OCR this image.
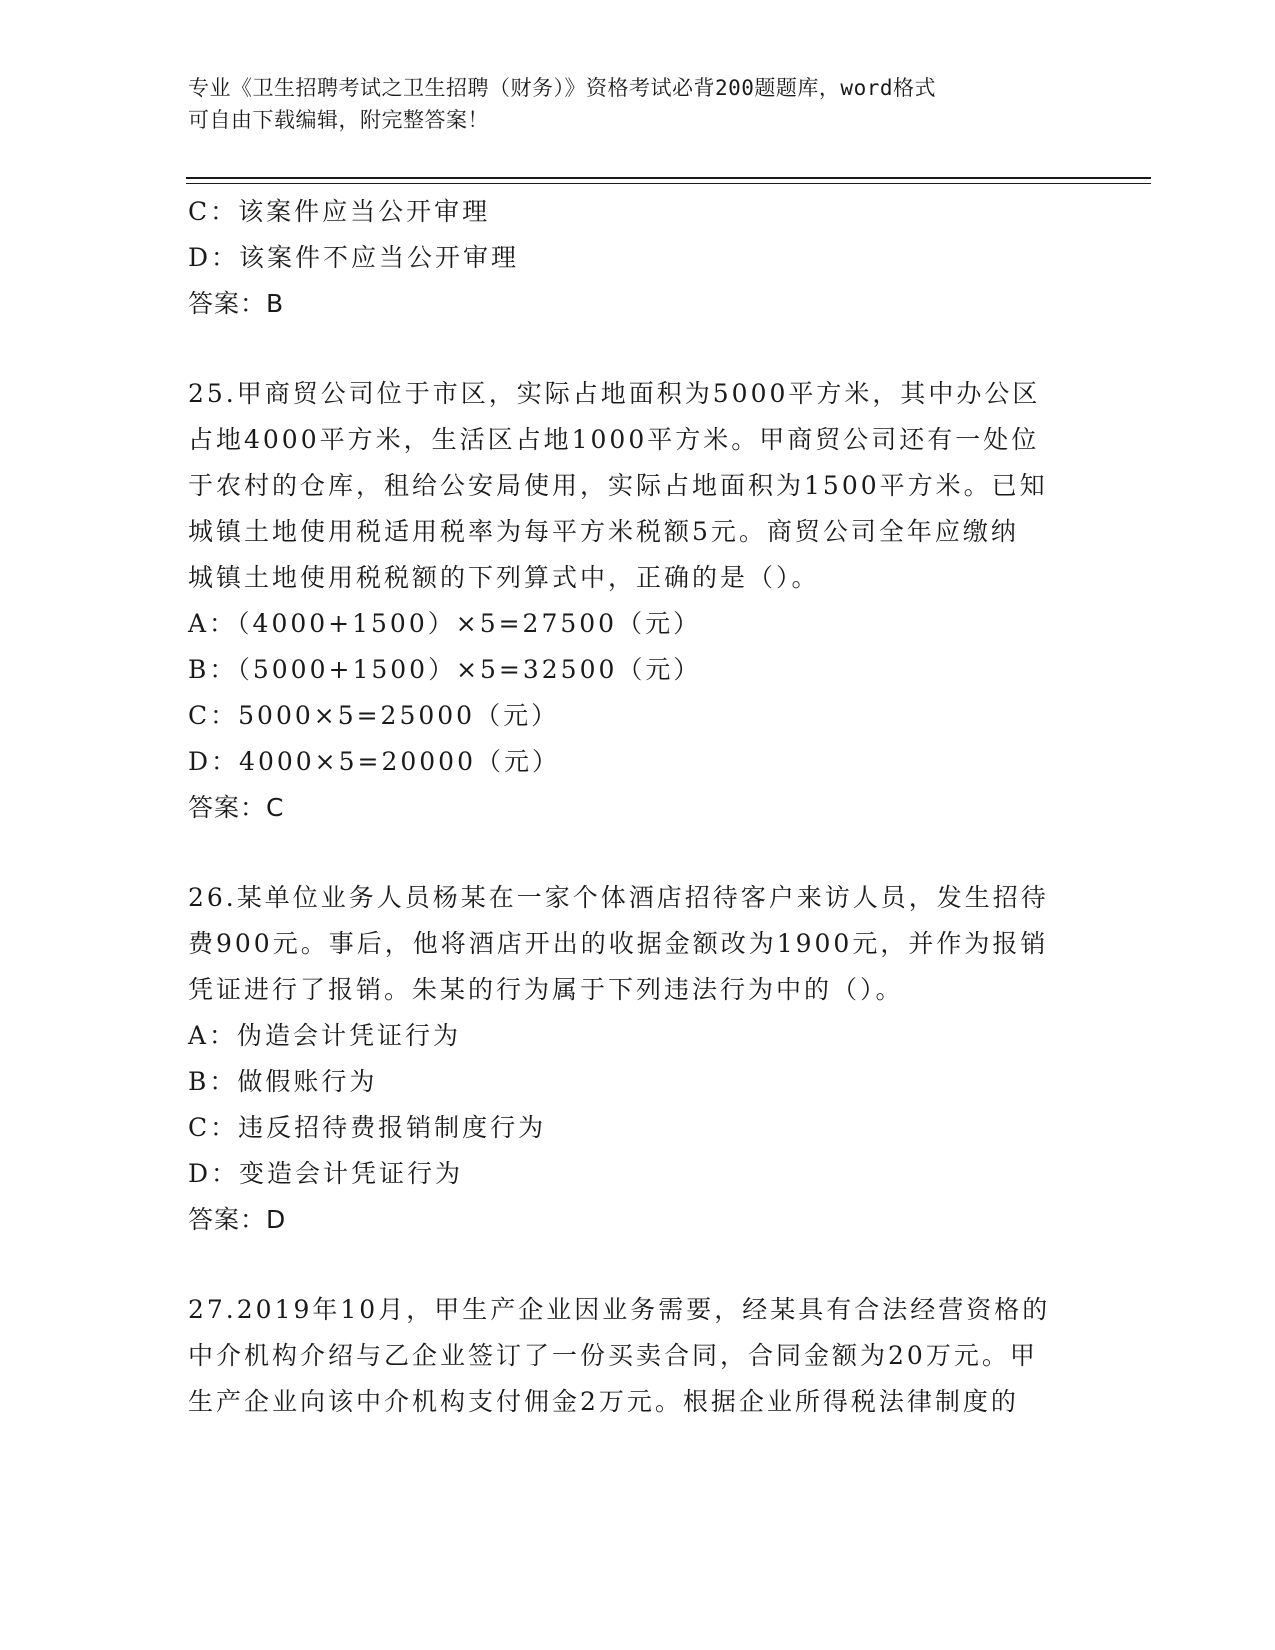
专业《卫生招聘考试之卫生招聘（财务）》资格考试必背200题题库，word格式
可自由下载编辑，附完整答案！
C：该案件应当公开审理
D：该案件不应当公开审理
答案：B
25.甲商贸公司位于市区，实际占地面积为5000平方米，其中办公区
占地4000平方米，生活区占地1000平方米。甲商贸公司还有一处位
于农村的仓库，租给公安局使用，实际占地面积为1500平方米。已知
城镇土地使用税适用税率为每平方米税额5元。商贸公司全年应缴纳
城镇土地使用税税额的下列算式中，正确的是（）。
A：（4000+1500）×5=27500（元）
B：（5000+1500）×5=32500（元）
C：5000×5=25000（元）
D：4000×5=20000（元）
答案：C
26.某单位业务人员杨某在一家个体酒店招待客户来访人员，发生招待
费900元。事后，他将酒店开出的收据金额改为1900元，并作为报销
凭证进行了报销。朱某的行为属于下列违法行为中的（）。
A：伪造会计凭证行为
B：做假账行为
C：违反招待费报销制度行为
D：变造会计凭证行为
答案：D
27.2019年10月，甲生产企业因业务需要，经某具有合法经营资格的
中介机构介绍与乙企业签订了一份买卖合同，合同金额为20万元。甲
生产企业向该中介机构支付佣金2万元。根据企业所得税法律制度的
